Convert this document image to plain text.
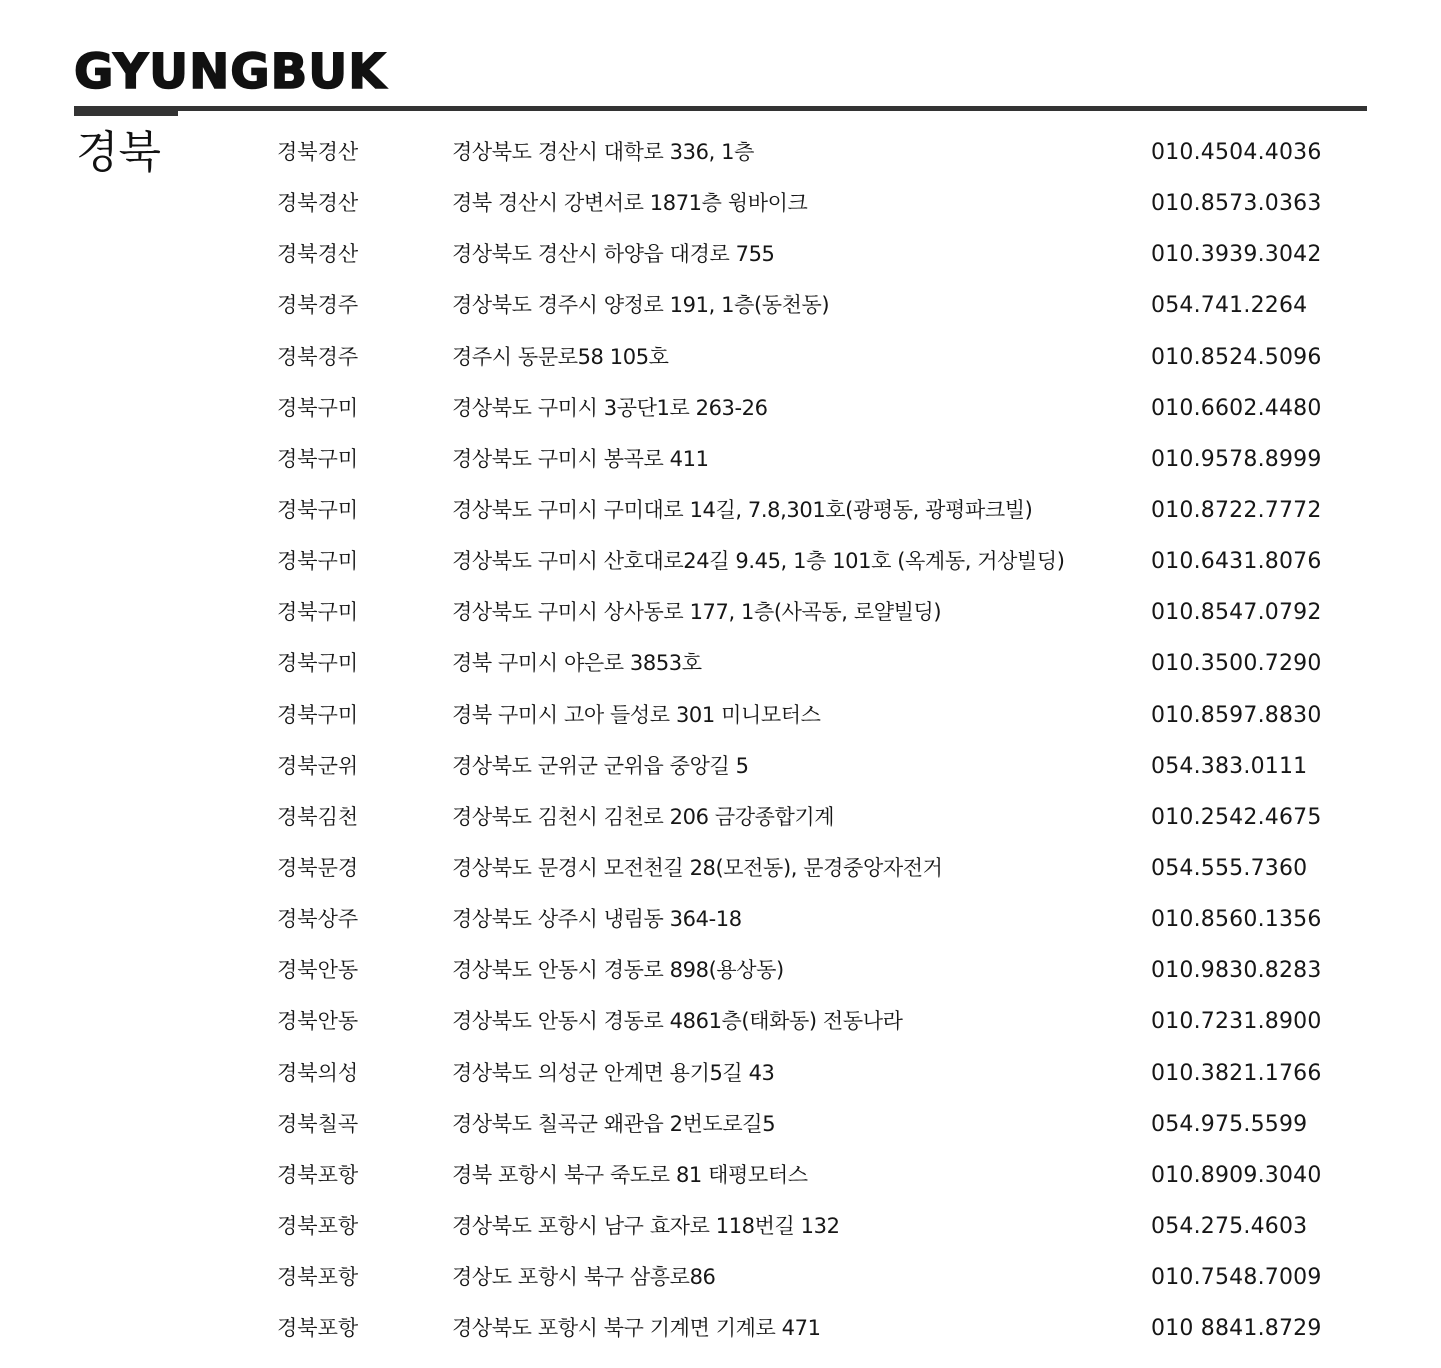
GYUNGBUK
경북	경북경산	경상북도 경산시 대학로 336, 1층	010.4504.4036
경북경산	경북 경산시 강변서로 1871층 윙바이크	010.8573.0363
경북경산	경상북도 경산시 하양읍 대경로 755	010.3939.3042
경북경주	경상북도 경주시 양정로 191, 1층(동천동)	054.741.2264
경북경주	경주시 동문로58 105호	010.8524.5096
경북구미	경상북도 구미시 3공단1로 263-26	010.6602.4480
경북구미	경상북도 구미시 봉곡로 411	010.9578.8999
경북구미	경상북도 구미시 구미대로 14길, 7.8,301호(광평동, 광평파크빌)	010.8722.7772
경북구미	경상북도 구미시 산호대로24길 9.45, 1층 101호 (옥계동, 거상빌딩)	010.6431.8076
경북구미	경상북도 구미시 상사동로 177, 1층(사곡동, 로얄빌딩)	010.8547.0792
경북구미	경북 구미시 야은로 3853호	010.3500.7290
경북구미	경북 구미시 고아 들성로 301 미니모터스	010.8597.8830
경북군위	경상북도 군위군 군위읍 중앙길 5	054.383.0111
경북김천	경상북도 김천시 김천로 206 금강종합기계	010.2542.4675
경북문경	경상북도 문경시 모전천길 28(모전동), 문경중앙자전거	054.555.7360
경북상주	경상북도 상주시 냉림동 364-18	010.8560.1356
경북안동	경상북도 안동시 경동로 898(용상동)	010.9830.8283
경북안동	경상북도 안동시 경동로 4861층(태화동) 전동나라	010.7231.8900
경북의성	경상북도 의성군 안계면 용기5길 43	010.3821.1766
경북칠곡	경상북도 칠곡군 왜관읍 2번도로길5	054.975.5599
경북포항	경북 포항시 북구 죽도로 81 태평모터스	010.8909.3040
경북포항	경상북도 포항시 남구 효자로 118번길 132	054.275.4603
경북포항	경상도 포항시 북구 삼흥로86	010.7548.7009
경북포항	경상북도 포항시 북구 기계면 기계로 471	010 8841.8729
